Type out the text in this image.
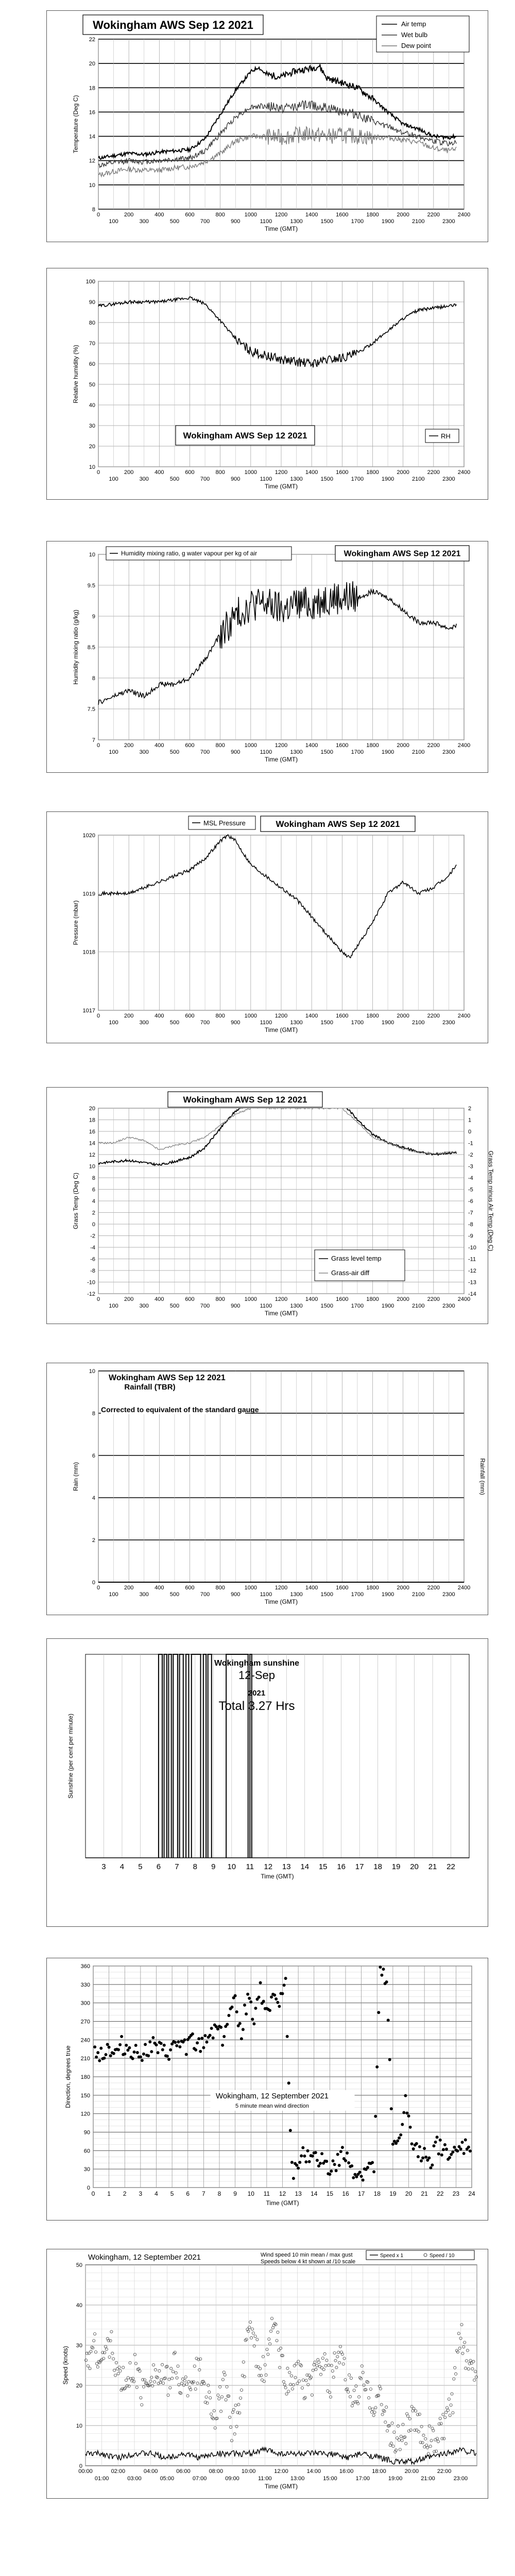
8
10
12
14
16
18
20
22
0	200	400	600	800	1000	1200	1400	1600	1800	2000	2200	2400
100	300	500	700	900	1100	1300	1500	1700	1900	2100	2300
Time (GMT)
Temperature (Deg C)
Wokingham AWS Sep 12 2021	Air temp
Wet bulb
Dew point
10
20
30
40
50
60
70
80
90
100
0	200	400	600	800	1000	1200	1400	1600	1800	2000	2200	2400
100	300	500	700	900	1100	1300	1500	1700	1900	2100	2300
Time (GMT)
Relative humidity (%)
Wokingham AWS Sep 12 2021	RH
7
7.5
8
8.5
9
9.5
10
0	200	400	600	800	1000	1200	1400	1600	1800	2000	2200	2400
100	300	500	700	900	1100	1300	1500	1700	1900	2100	2300
Time (GMT)
Humidity mixing ratio (g/kg)
Humidity mixing ratio, g water vapour per kg of air	Wokingham AWS Sep 12 2021
1017
1018
1019
1020
0	200	400	600	800	1000	1200	1400	1600	1800	2000	2200	2400
100	300	500	700	900	1100	1300	1500	1700	1900	2100	2300
Time (GMT)
Pressure (mbar)
MSL Pressure	Wokingham AWS Sep 12 2021
-12
-10
-8
-6
-4
-2
0
2
4
6
8
10
12
14
16
18
20
0	200	400	600	800	1000	1200	1400	1600	1800	2000	2200	2400
100	300	500	700	900	1100	1300	1500	1700	1900	2100	2300
Time (GMT)
Grass Temp (Deg C)
-14
-13
-12
-11
-10
-9
-8
-7
-6
-5
-4
-3
-2
-1
0
1
2
Grass Temp minus Air Temp (Deg C)
Wokingham AWS Sep 12 2021
Grass level temp
Grass-air diff
0
2
4
6
8
10
0	200	400	600	800	1000	1200	1400	1600	1800	2000	2200	2400
100	300	500	700	900	1100	1300	1500	1700	1900	2100	2300
Time (GMT)
Rain (mm)	Rainfall (mm)
Wokingham AWS Sep 12 2021
Rainfall (TBR)
Corrected to equivalent of the standard gauge
3 4 5 6 7 8 9 10 11 12 13 14 15 16 17 18 19 20 21 22
Time (GMT)
Sunshine (per cent per minute)
Wokingham sunshine
12-Sep
2021
Total 3.27 Hrs
0
30
60
90
120
150
180
210
240
270
300
330
360
0 1 2 3 4 5 6 7 8 9 10 11 12 13 14 15 16 17 18 19 20 21 22 23 24
Time (GMT)
Direction, degrees true	Wokingham, 12 September 2021
5 minute mean wind direction
0
10
20
30
40
50
00:00	02:00	04:00	06:00	08:00	10:00	12:00	14:00	16:00	18:00	20:00	22:00
01:00	03:00	05:00	07:00	09:00	11:00	13:00	15:00	17:00	19:00	21:00	23:00
Time (GMT)
Speed (knots)
Wokingham, 12 September 2021	Wind speed 10 min mean / max gust
Speeds below 4 kt shown at /10 scale
Speed x 1	Speed / 10
